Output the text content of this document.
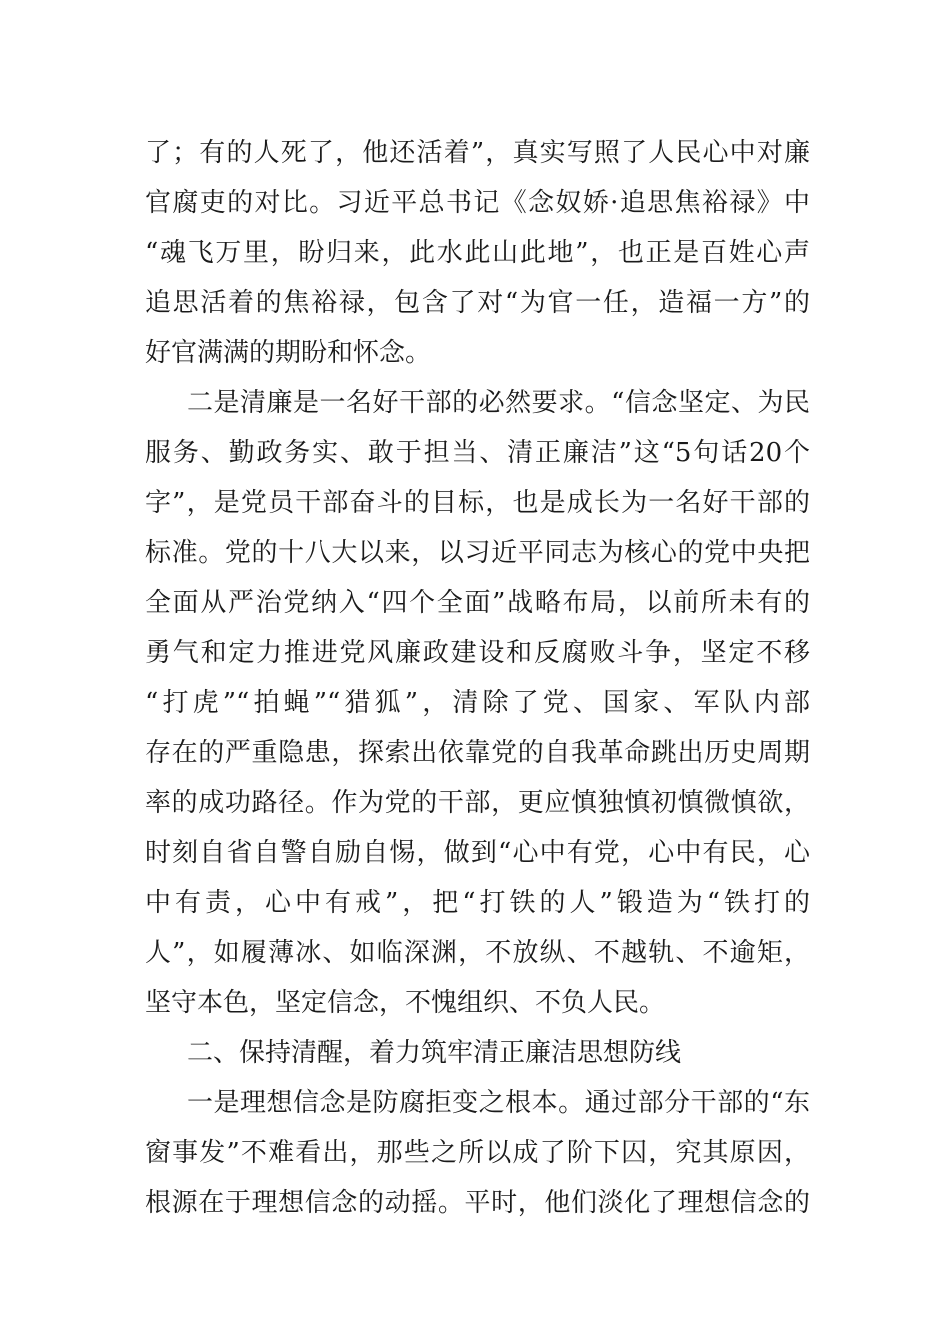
了；有的人死了，他还活着”，真实写照了人民心中对廉
官腐吏的对比。习近平总书记《念奴娇·追思焦裕禄》中
“魂飞万里，盼归来，此水此山此地”，也正是百姓心声
追思活着的焦裕禄，包含了对“为官一任，造福一方”的
好官满满的期盼和怀念。
二是清廉是一名好干部的必然要求。“信念坚定、为民
服务、勤政务实、敢于担当、清正廉洁”这“5句话20个
字”，是党员干部奋斗的目标，也是成长为一名好干部的
标准。党的十八大以来，以习近平同志为核心的党中央把
全面从严治党纳入“四个全面”战略布局，以前所未有的
勇气和定力推进党风廉政建设和反腐败斗争，坚定不移
“打虎”“拍蝇”“猎狐”，清除了党、国家、军队内部
存在的严重隐患，探索出依靠党的自我革命跳出历史周期
率的成功路径。作为党的干部，更应慎独慎初慎微慎欲，
时刻自省自警自励自惕，做到“心中有党，心中有民，心
中有责，心中有戒”，把“打铁的人”锻造为“铁打的
人”，如履薄冰、如临深渊，不放纵、不越轨、不逾矩，
坚守本色，坚定信念，不愧组织、不负人民。
二、保持清醒，着力筑牢清正廉洁思想防线
一是理想信念是防腐拒变之根本。通过部分干部的“东
窗事发”不难看出，那些之所以成了阶下囚，究其原因，
根源在于理想信念的动摇。平时，他们淡化了理想信念的
